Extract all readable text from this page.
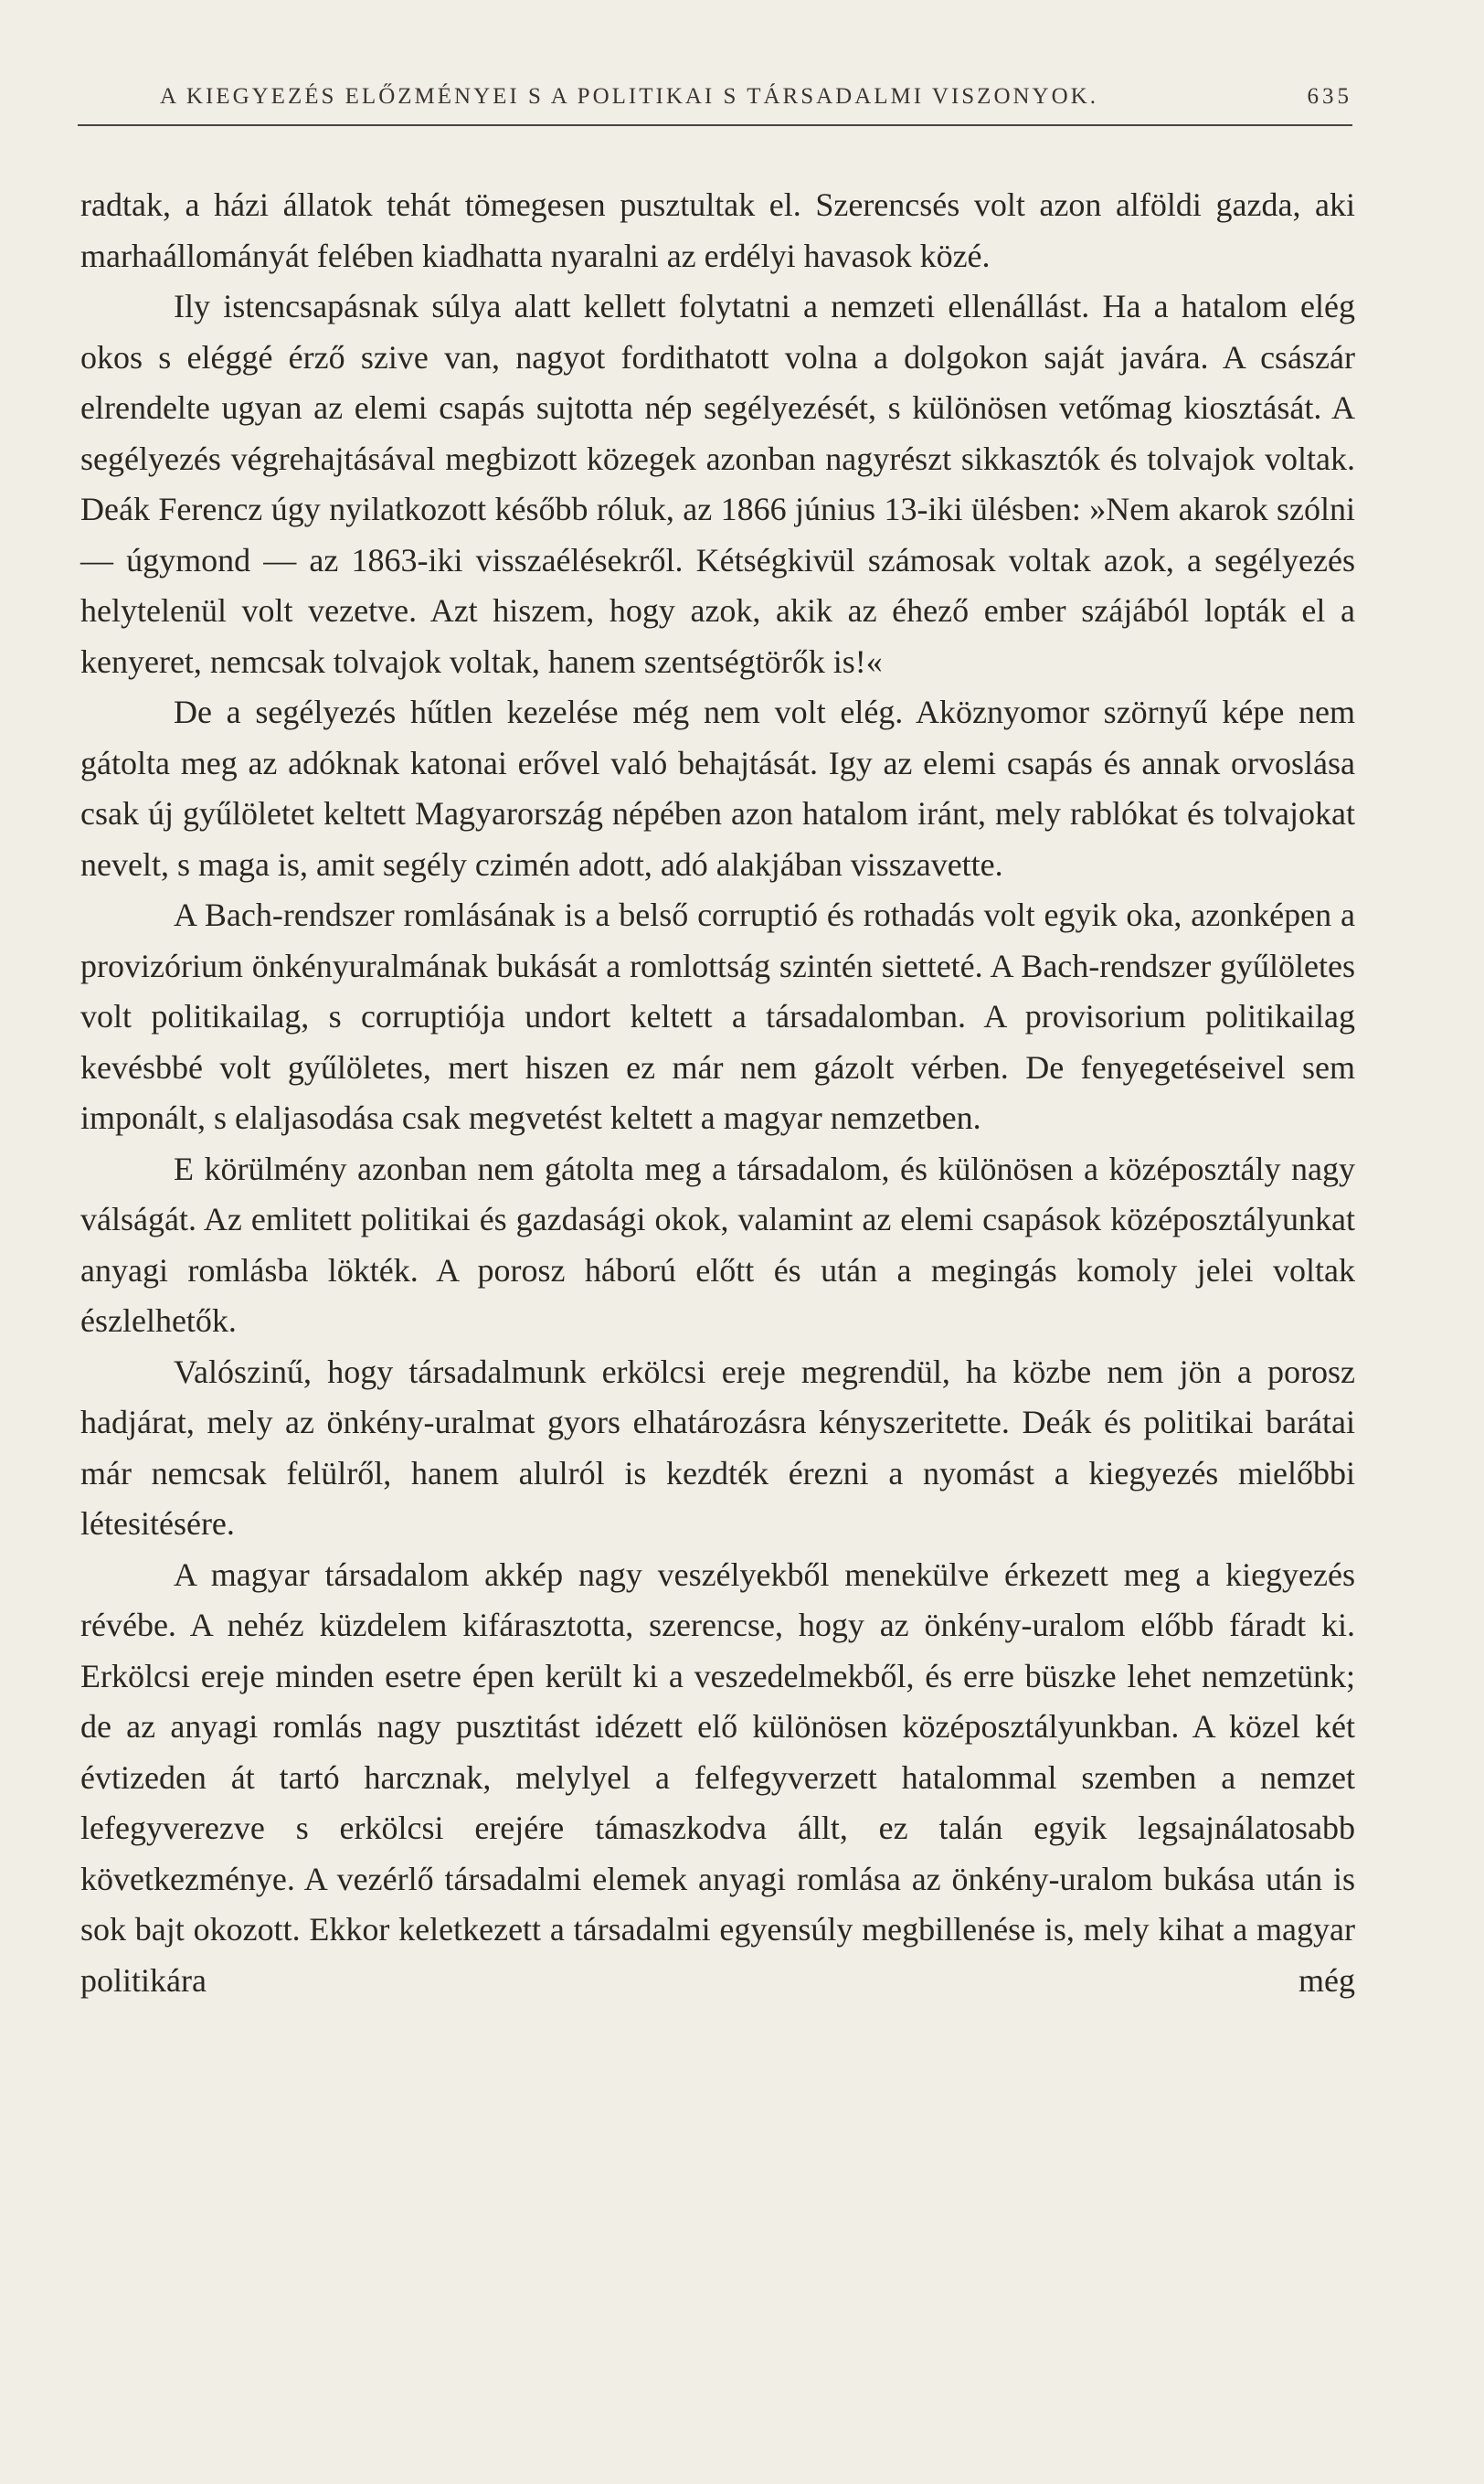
A KIEGYEZÉS ELŐZMÉNYEI S A POLITIKAI S TÁRSADALMI VISZONYOK.	635

radtak, a házi állatok tehát tömegesen pusztultak el. Szerencsés volt azon alföldi gazda, aki marhaállományát felében kiadhatta nyaralni az erdélyi havasok közé.

Ily istencsapásnak súlya alatt kellett folytatni a nemzeti ellenállást. Ha a hatalom elég okos s eléggé érző szive van, nagyot fordithatott volna a dolgokon saját javára. A császár elrendelte ugyan az elemi csapás sujtotta nép segélyezését, s különösen vetőmag kiosztását. A segélyezés végrehajtásával megbizott közegek azonban nagyrészt sikkasztók és tolvajok voltak. Deák Ferencz úgy nyilatkozott később róluk, az 1866 június 13-iki ülésben: »Nem akarok szólni — úgymond — az 1863-iki visszaélésekről. Kétségkivül számosak voltak azok, a segélyezés helytelenül volt vezetve. Azt hiszem, hogy azok, akik az éhező ember szájából lopták el a kenyeret, nemcsak tolvajok voltak, hanem szentségtörők is!«

De a segélyezés hűtlen kezelése még nem volt elég. Aköznyomor szörnyű képe nem gátolta meg az adóknak katonai erővel való behajtását. Igy az elemi csapás és annak orvoslása csak új gyűlöletet keltett Magyarország népében azon hatalom iránt, mely rablókat és tolvajokat nevelt, s maga is, amit segély czimén adott, adó alakjában visszavette.

A Bach-rendszer romlásának is a belső corruptió és rothadás volt egyik oka, azonképen a provizórium önkényuralmának bukását a romlottság szintén sietteté. A Bach-rendszer gyűlöletes volt politikailag, s corruptiója undort keltett a társadalomban. A provisorium politikailag kevésbbé volt gyűlöletes, mert hiszen ez már nem gázolt vérben. De fenyegetéseivel sem imponált, s elaljasodása csak megvetést keltett a magyar nemzetben.

E körülmény azonban nem gátolta meg a társadalom, és különösen a középosztály nagy válságát. Az emlitett politikai és gazdasági okok, valamint az elemi csapások középosztályunkat anyagi romlásba lökték. A porosz háború előtt és után a megingás komoly jelei voltak észlelhetők.

Valószinű, hogy társadalmunk erkölcsi ereje megrendül, ha közbe nem jön a porosz hadjárat, mely az önkény-uralmat gyors elhatározásra kényszeritette. Deák és politikai barátai már nemcsak felülről, hanem alulról is kezdték érezni a nyomást a kiegyezés mielőbbi létesitésére.

A magyar társadalom akkép nagy veszélyekből menekülve érkezett meg a kiegyezés révébe. A nehéz küzdelem kifárasztotta, szerencse, hogy az önkény-uralom előbb fáradt ki. Erkölcsi ereje minden esetre épen került ki a veszedelmekből, és erre büszke lehet nemzetünk; de az anyagi romlás nagy pusztitást idézett elő különösen középosztályunkban. A közel két évtizeden át tartó harcznak, melylyel a felfegyverzett hatalommal szemben a nemzet lefegyverezve s erkölcsi erejére támaszkodva állt, ez talán egyik legsajnálatosabb következménye. A vezérlő társadalmi elemek anyagi romlása az önkény-uralom bukása után is sok bajt okozott. Ekkor keletkezett a társadalmi egyensúly megbillenése is, mely kihat a magyar politikára még
